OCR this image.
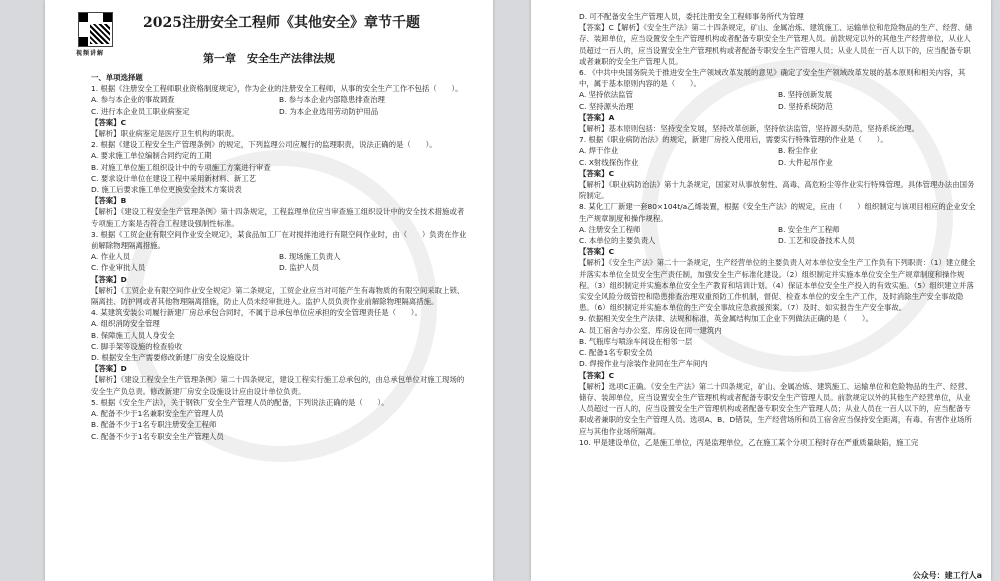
视频讲解
2025注册安全工程师《其他安全》章节千题
第一章　安全生产法律法规

一、单项选择题

1. 根据《注册安全工程师职业资格制度规定》，作为企业的注册安全工程师，从事的安全生产工作不包括（　　）。

A. 参与本企业的事故调查	B. 参与本企业内部隐患排查治理
C. 进行本企业员工职业病鉴定	D. 为本企业选用劳动防护用品

【答案】C

【解析】职业病鉴定是医疗卫生机构的职责。

2. 根据《建设工程安全生产管理条例》的规定，下列监理公司应履行的监理职责，说法正确的是（　　）。

A. 要求施工单位编制合同约定的工期
B. 对施工单位施工组织设计中的专项施工方案进行审查
C. 要求设计单位在建设工程中采用新材料、新工艺
D. 施工后要求施工单位更换安全技术方案说表

【答案】B

【解析】《建设工程安全生产管理条例》第十四条规定，工程监理单位应当审查施工组织设计中的安全技术措施或者专项施工方案是否符合工程建设强制性标准。

3. 根据《工贸企业有限空间作业安全规定》，某食品加工厂在对搅拌池进行有限空间作业时，由（　　）负责在作业前解除物理隔离措施。

A. 作业人员	B. 现场施工负责人
C. 作业审批人员	D. 监护人员

【答案】D

【解析】《工贸企业有限空间作业安全规定》第二条规定，工贸企业应当对可能产生有毒物质的有限空间采取上锁、隔离挂、防护网或者其他物理隔离措施，防止人员未经审批进入。监护人员负责作业前解除物理隔离措施。

4. 某建筑安装公司履行新建厂房总承包合同时，不属于总承包单位应承担的安全管理责任是（　　）。

A. 组织消防安全管理
B. 保障施工人员人身安全
C. 脚手架等设施的检查验收
D. 根据安全生产需要修改新建厂房安全设施设计

【答案】D

【解析】《建设工程安全生产管理条例》第二十四条规定，建设工程实行施工总承包的，由总承包单位对施工现场的安全生产负总责。修改新建厂房安全设施设计应由设计单位负责。

5. 根据《安全生产法》，关于钢铁厂安全生产管理人员的配备，下列说法正确的是（　　）。

A. 配备不少于1名兼职安全生产管理人员
B. 配备不少于1名专职注册安全工程师
C. 配备不少于1名专职安全生产管理人员

D. 可不配备安全生产管理人员，委托注册安全工程师事务所代为管理

【答案】C【解析】《安全生产法》第二十四条规定，矿山、金属冶炼、建筑施工、运输单位和危险物品的生产、经营、储存、装卸单位，应当设置安全生产管理机构或者配备专职安全生产管理人员。前款规定以外的其他生产经营单位，从业人员超过一百人的，应当设置安全生产管理机构或者配备专职安全生产管理人员；从业人员在一百人以下的，应当配备专职或者兼职的安全生产管理人员。

6. 《中共中央国务院关于推进安全生产领域改革发展的意见》确定了安全生产领域改革发展的基本原则和相关内容，其中，属于基本原则内容的是（　　）。

A. 坚持依法监管	B. 坚持创新发展
C. 坚持源头治理	D. 坚持系统防范

【答案】A

【解析】基本原则包括：坚持安全发展，坚持改革创新，坚持依法监管，坚持源头防范，坚持系统治理。

7. 根据《职业病防治法》的规定，新建厂房投入使用后，需要实行特殊管理的作业是（　　）。

A. 焊干作业	B. 粉尘作业
C. X射线探伤作业	D. 大件起吊作业

【答案】C

【解析】《职业病防治法》第十九条规定，国家对从事放射性、高毒、高危粉尘等作业实行特殊管理。具体管理办法由国务院制定。

8. 某化工厂新建一套80×104t/a乙烯装置，根据《安全生产法》的规定，应由（　　）组织制定与该项目相应的企业安全生产规章制度和操作规程。

A. 注册安全工程师	B. 安全生产工程师
C. 本单位的主要负责人	D. 工艺和设备技术人员

【答案】C

【解析】《安全生产法》第二十一条规定，生产经营单位的主要负责人对本单位安全生产工作负有下列职责：（1）建立健全并落实本单位全员安全生产责任制，加强安全生产标准化建设。（2）组织制定并实施本单位安全生产规章制度和操作规程。（3）组织制定并实施本单位安全生产教育和培训计划。（4）保证本单位安全生产投入的有效实施。（5）组织建立并落实安全风险分级管控和隐患排查治理双重预防工作机制，督促、检查本单位的安全生产工作，及时消除生产安全事故隐患。（6）组织制定并实施本单位的生产安全事故应急救援预案。（7）及时、如实报告生产安全事故。

9. 依据相关安全生产法律、法规和标准，英金属结构加工企业下列做法正确的是（　　）。

A. 员工宿舍与办公室、库房设在同一建筑内
B. 气瓶库与喷涂车间设在相邻一层
C. 配备1名专职安全员
D. 焊接作业与涂装作业同在生产车间内

【答案】C

【解析】选项C正确。《安全生产法》第二十四条规定，矿山、金属冶炼、建筑施工、运输单位和危险物品的生产、经营、储存、装卸单位，应当设置安全生产管理机构或者配备专职安全生产管理人员。前款规定以外的其他生产经营单位，从业人员超过一百人的，应当设置安全生产管理机构或者配备专职安全生产管理人员；从业人员在一百人以下的，应当配备专职或者兼职的安全生产管理人员。选项A、B、D错误，生产经营场所和员工宿舍应当保持安全距离，有毒、有害作业场所应与其他作业场所隔离。

10. 甲是建设单位，乙是施工单位，丙是监理单位，乙在施工某个分项工程时存在严重质量缺陷，施工完

公众号：建工行人a
